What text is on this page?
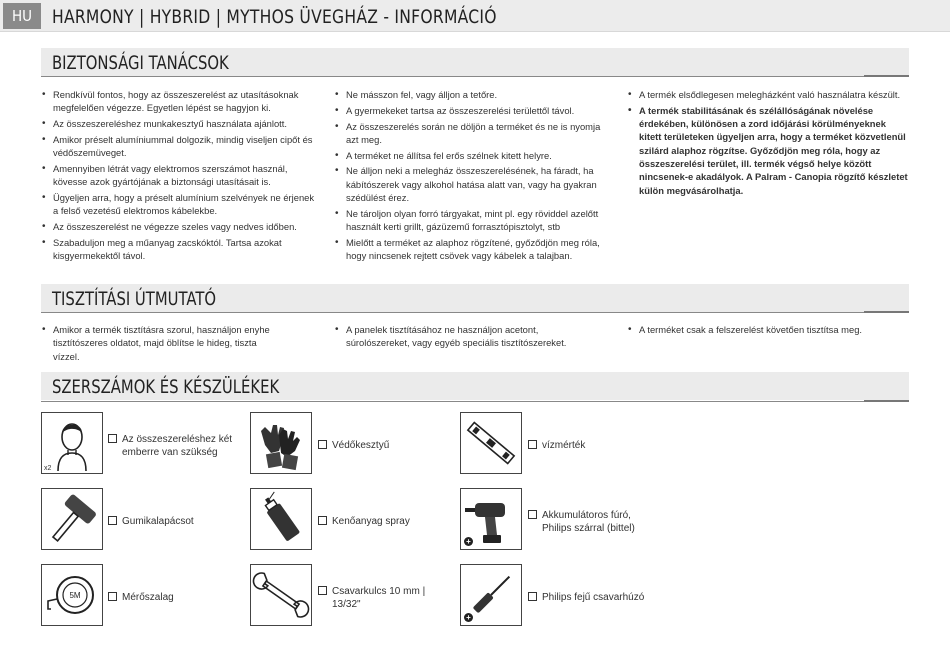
HU	HARMONY | HYBRID | MYTHOS ÜVEGHÁZ - INFORMÁCIÓ
BIZTONSÁGI TANÁCSOK
• Rendkívül fontos, hogy az összeszerelést az utasításoknak megfelelően végezze. Egyetlen lépést se hagyjon ki.
• Az összeszereléshez munkakesztyű használata ajánlott.
• Amikor préselt alumíniummal dolgozik, mindig viseljen cipőt és védőszemüveget.
• Amennyiben létrát vagy elektromos szerszámot használ, kövesse azok gyártójának a biztonsági utasításait is.
• Ügyeljen arra, hogy a préselt alumínium szelvények ne érjenek a felső vezetésű elektromos kábelekbe.
• Az összeszerelést ne végezze szeles vagy nedves időben.
• Szabaduljon meg a műanyag zacskóktól. Tartsa azokat kisgyermekektől távol.
• Ne másszon fel, vagy álljon a tetőre.
• A gyermekeket tartsa az összeszerelési területtől távol.
• Az összeszerelés során ne döljön a terméket és ne is nyomja azt meg.
• A terméket ne állítsa fel erős szélnek kitett helyre.
• Ne álljon neki a melegház összeszerelésének, ha fáradt, ha kábítószerek vagy alkohol hatása alatt van, vagy ha gyakran szédülést érez.
• Ne tároljon olyan forró tárgyakat, mint pl. egy röviddel azelőtt használt kerti grillt, gázüzemű forrasztópisztolyt, stb
• Mielőtt a terméket az alaphoz rögzítené, győződjön meg róla, hogy nincsenek rejtett csövek vagy kábelek a talajban.
• A termék elsődlegesen melegházként való használatra készült.
• A termék stabilitásának és szélállóságának növelése érdekében, különösen a zord időjárási körülményeknek kitett területeken ügyeljen arra, hogy a terméket közvetlenül szilárd alaphoz rögzítse. Győződjön meg róla, hogy az összeszerelési terület, ill. termék végső helye között nincsenek-e akadályok. A Palram - Canopia rögzítő készletet külön megvásárolhatja.
TISZTÍTÁSI ÚTMUTATÓ
• Amikor a termék tisztításra szorul, használjon enyhe tisztítószeres oldatot, majd öblítse le hideg, tiszta vízzel.
• A panelek tisztításához ne használjon acetont, súrolószereket, vagy egyéb speciális tisztítószereket.
• A terméket csak a felszerelést követően tisztítsa meg.
SZERSZÁMOK ÉS KÉSZÜLÉKEK
x2
Az összeszereléshez két emberre van szükség
Védőkesztyű	vízmérték
Gumikalapácsot	Kenőanyag spray
+
Akkumulátoros fúró, Philips szárral (bittel)
5M	Mérőszalag
Csavarkulcs 10 mm | 13/32"
+
Philips fejű csavarhúzó
